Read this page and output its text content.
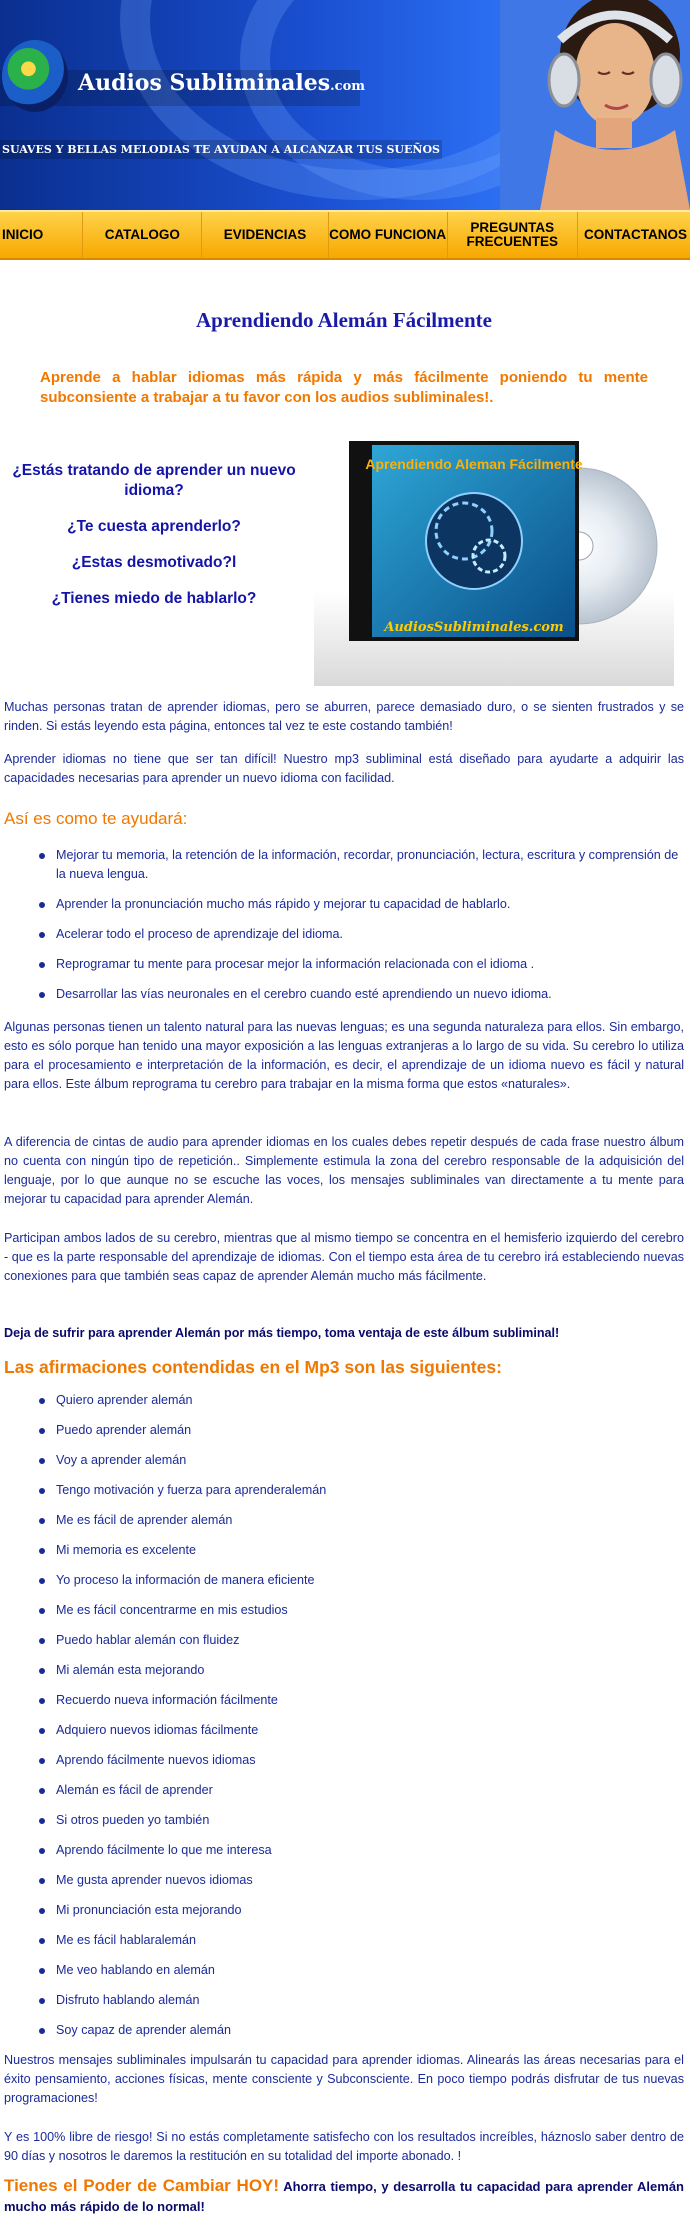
Audios Subliminales.com
SUAVES Y BELLAS MELODIAS TE AYUDAN A ALCANZAR TUS SUEÑOS
INICIO	CATALOGO	EVIDENCIAS	COMO FUNCIONA	PREGUNTAS FRECUENTES	CONTACTANOS
Aprendiendo Alemán Fácilmente
Aprende a hablar idiomas más rápida y más fácilmente poniendo tu mente subconsiente a trabajar a tu favor con los audios subliminales!.

¿Estás tratando de aprender un nuevo idioma?

¿Te cuesta aprenderlo?

¿Estas desmotivado?l

¿Tienes miedo de hablarlo?

Aprendiendo Aleman Fácilmente
AudiosSubliminales.com

Muchas personas tratan de aprender idiomas, pero se aburren, parece demasiado duro, o se sienten frustrados y se rinden. Si estás leyendo esta página, entonces tal vez te este costando también!

Aprender idiomas no tiene que ser tan difícil! Nuestro mp3 subliminal está diseñado para ayudarte a adquirir las capacidades necesarias para aprender un nuevo idioma con facilidad.

Así es como te ayudará:
Mejorar tu memoria, la retención de la información, recordar, pronunciación, lectura, escritura y comprensión de la nueva lengua.
Aprender la pronunciación mucho más rápido y mejorar tu capacidad de hablarlo.
Acelerar todo el proceso de aprendizaje del idioma.
Reprogramar tu mente para procesar mejor la información relacionada con el idioma .
Desarrollar las vías neuronales en el cerebro cuando esté aprendiendo un nuevo idioma.

Algunas personas tienen un talento natural para las nuevas lenguas; es una segunda naturaleza para ellos. Sin embargo, esto es sólo porque han tenido una mayor exposición a las lenguas extranjeras a lo largo de su vida. Su cerebro lo utiliza para el procesamiento e interpretación de la información, es decir, el aprendizaje de un idioma nuevo es fácil y natural para ellos. Este álbum reprograma tu cerebro para trabajar en la misma forma que estos «naturales».

A diferencia de cintas de audio para aprender idiomas en los cuales debes repetir después de cada frase nuestro álbum no cuenta con ningún tipo de repetición.. Simplemente estimula la zona del cerebro responsable de la adquisición del lenguaje, por lo que aunque no se escuche las voces, los mensajes subliminales van directamente a tu mente para mejorar tu capacidad para aprender Alemán.

Participan ambos lados de su cerebro, mientras que al mismo tiempo se concentra en el hemisferio izquierdo del cerebro - que es la parte responsable del aprendizaje de idiomas. Con el tiempo esta área de tu cerebro irá estableciendo nuevas conexiones para que también seas capaz de aprender Alemán mucho más fácilmente.

Deja de sufrir para aprender Alemán por más tiempo, toma ventaja de este álbum subliminal!

Las afirmaciones contendidas en el Mp3 son las siguientes:
Quiero aprender alemán
Puedo aprender alemán
Voy a aprender alemán
Tengo motivación y fuerza para aprenderalemán
Me es fácil de aprender alemán
Mi memoria es excelente
Yo proceso la información de manera eficiente
Me es fácil concentrarme en mis estudios
Puedo hablar alemán con fluidez
Mi alemán esta mejorando
Recuerdo nueva información fácilmente
Adquiero nuevos idiomas fácilmente
Aprendo fácilmente nuevos idiomas
Alemán es fácil de aprender
Si otros pueden yo también
Aprendo fácilmente lo que me interesa
Me gusta aprender nuevos idiomas
Mi pronunciación esta mejorando
Me es fácil hablaralemán
Me veo hablando en alemán
Disfruto hablando alemán
Soy capaz de aprender alemán

Nuestros mensajes subliminales impulsarán tu capacidad para aprender idiomas. Alinearás las áreas necesarias para el éxito pensamiento, acciones físicas, mente consciente y Subconsciente. En poco tiempo podrás disfrutar de tus nuevas programaciones!

Y es 100% libre de riesgo! Si no estás completamente satisfecho con los resultados increíbles, háznoslo saber dentro de 90 días y nosotros le daremos la restitución en su totalidad del importe abonado. !

Tienes el Poder de Cambiar HOY! Ahorra tiempo, y desarrolla tu capacidad para aprender Alemán mucho más rápido de lo normal!
